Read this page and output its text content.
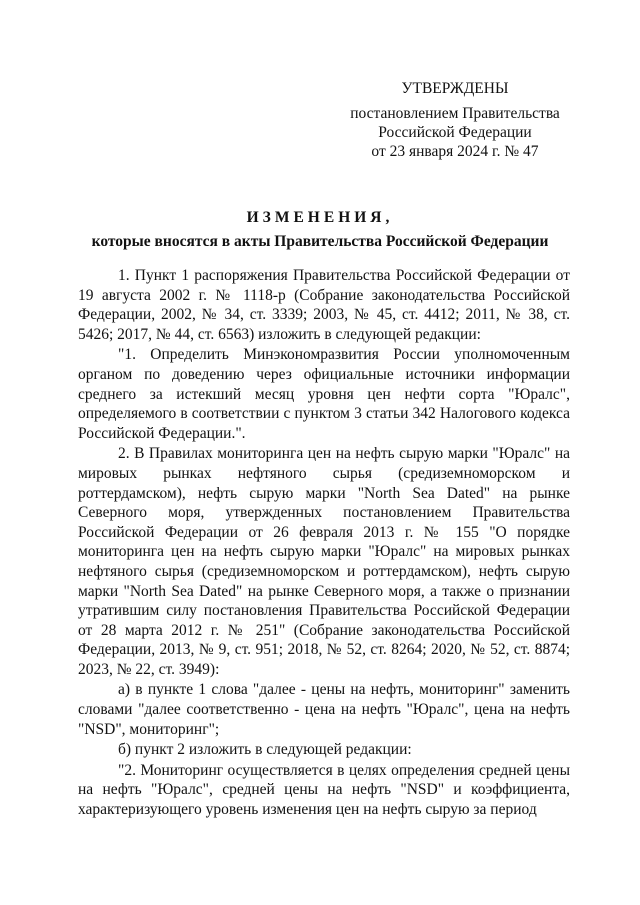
УТВЕРЖДЕНЫ
постановлением Правительства
Российской Федерации
от 23 января 2024 г. № 47
ИЗМЕНЕНИЯ,
которые вносятся в акты Правительства Российской Федерации

1. Пункт 1 распоряжения Правительства Российской Федерации от 19 августа 2002 г. № 1118-р (Собрание законодательства Российской Федерации, 2002, № 34, ст. 3339; 2003, № 45, ст. 4412; 2011, № 38, ст. 5426; 2017, № 44, ст. 6563) изложить в следующей редакции:

"1. Определить Минэкономразвития России уполномоченным органом по доведению через официальные источники информации среднего за истекший месяц уровня цен нефти сорта "Юралс", определяемого в соответствии с пунктом 3 статьи 342 Налогового кодекса Российской Федерации.".

2. В Правилах мониторинга цен на нефть сырую марки "Юралс" на мировых рынках нефтяного сырья (средиземноморском и роттердамском), нефть сырую марки "North Sea Dated" на рынке Северного моря, утвержденных постановлением Правительства Российской Федерации от 26 февраля 2013 г. № 155 "О порядке мониторинга цен на нефть сырую марки "Юралс" на мировых рынках нефтяного сырья (средиземноморском и роттердамском), нефть сырую марки "North Sea Dated" на рынке Северного моря, а также о признании утратившим силу постановления Правительства Российской Федерации от 28 марта 2012 г. № 251" (Собрание законодательства Российской Федерации, 2013, № 9, ст. 951; 2018, № 52, ст. 8264; 2020, № 52, ст. 8874; 2023, № 22, ст. 3949):

а) в пункте 1 слова "далее - цены на нефть, мониторинг" заменить словами "далее соответственно - цена на нефть "Юралс", цена на нефть "NSD", мониторинг";

б) пункт 2 изложить в следующей редакции:

"2. Мониторинг осуществляется в целях определения средней цены на нефть "Юралс", средней цены на нефть "NSD" и коэффициента, характеризующего уровень изменения цен на нефть сырую за период
